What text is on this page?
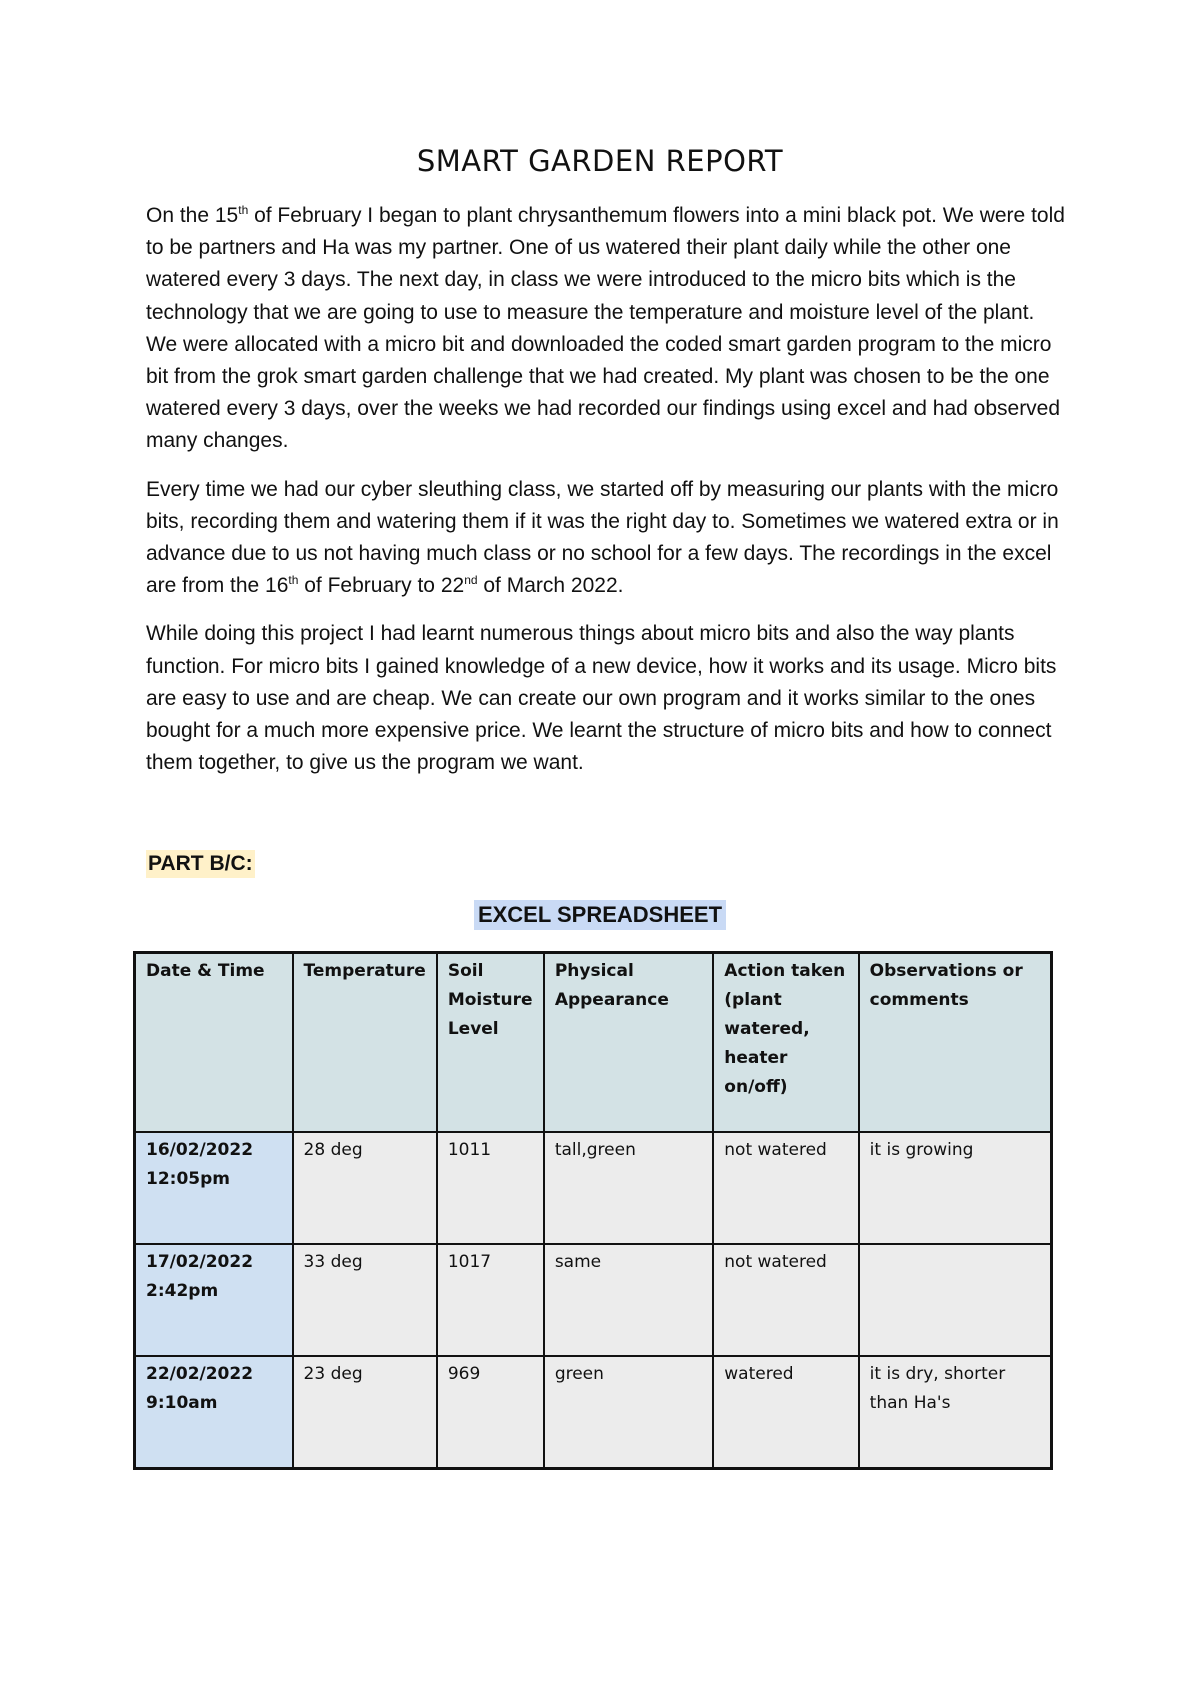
SMART GARDEN REPORT

On the 15th of February I began to plant chrysanthemum flowers into a mini black pot. We were told to be partners and Ha was my partner. One of us watered their plant daily while the other one watered every 3 days. The next day, in class we were introduced to the micro bits which is the technology that we are going to use to measure the temperature and moisture level of the plant. We were allocated with a micro bit and downloaded the coded smart garden program to the micro bit from the grok smart garden challenge that we had created. My plant was chosen to be the one watered every 3 days, over the weeks we had recorded our findings using excel and had observed many changes.

Every time we had our cyber sleuthing class, we started off by measuring our plants with the micro bits, recording them and watering them if it was the right day to. Sometimes we watered extra or in advance due to us not having much class or no school for a few days. The recordings in the excel are from the 16th of February to 22nd of March 2022.

While doing this project I had learnt numerous things about micro bits and also the way plants function. For micro bits I gained knowledge of a new device, how it works and its usage. Micro bits are easy to use and are cheap. We can create our own program and it works similar to the ones bought for a much more expensive price. We learnt the structure of micro bits and how to connect them together, to give us the program we want.

PART B/C:
EXCEL SPREADSHEET
Date & Time	Temperature	Soil
Moisture
Level	Physical
Appearance	Action taken
(plant
watered,
heater
on/off)	Observations or
comments

16/02/2022
12:05pm	28 deg	1011	tall,green	not watered	it is growing

17/02/2022
2:42pm	33 deg	1017	same	not watered	

22/02/2022
9:10am	23 deg	969	green	watered	it is dry, shorter
than Ha's
